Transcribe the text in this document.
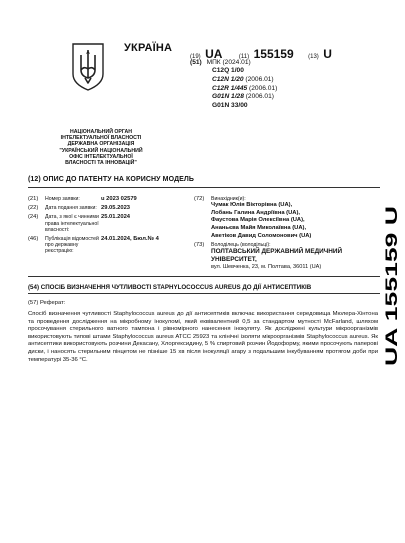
УКРАЇНА
(19) UA	(11) 155159 (13) U
(51) МПК (2024.01)
C12Q 1/00
C12N 1/20 (2006.01)
C12R 1/445 (2006.01)
G01N 1/28 (2006.01)
G01N 33/00
НАЦІОНАЛЬНИЙ ОРГАН
ІНТЕЛЕКТУАЛЬНОЇ ВЛАСНОСТІ
ДЕРЖАВНА ОРГАНІЗАЦІЯ
"УКРАЇНСЬКИЙ НАЦІОНАЛЬНИЙ
ОФІС ІНТЕЛЕКТУАЛЬНОЇ
ВЛАСНОСТІ ТА ІННОВАЦІЙ"
(12) ОПИС ДО ПАТЕНТУ НА КОРИСНУ МОДЕЛЬ
(21)	Номер заявки:	u 2023 02579
(22)	Дата подання заявки: 29.05.2023
(24)	Дата, з якої є чинними права інтелектуальної власності:
25.01.2024
(46)	Публікація відомостей про державну реєстрацію:
24.01.2024, Бюл.№ 4
(72)	Винахідник(и):
Чумак Юлія Вікторівна (UA),
Лобань Галина Андріївна (UA),
Фаустова Марія Олексіївна (UA),
Ананьєва Майя Миколаївна (UA),
Аветіков Давид Соломонович (UA)
(73)	Володілець (володільці):
ПОЛТАВСЬКИЙ ДЕРЖАВНИЙ МЕДИЧНИЙ
УНІВЕРСИТЕТ,
вул. Шевченка, 23, м. Полтава, 36011 (UA)
(54) СПОСІБ ВИЗНАЧЕННЯ ЧУТЛИВОСТІ STAPHYLOCOCCUS AUREUS ДО ДІЇ АНТИСЕПТИКІВ
(57) Реферат:
Спосіб визначення чутливості Staphylococcus aureus до дії антисептиків включає використання середовища Мюлера-Хінтона та проведення дослідження на мікробному інокуломі, який еквівалентний 0,5 за стандартом мутності McFarland, шляхом просочування стерильного ватного тампона і рівномірного нанесення інокуляту. Як досліджені культури мікроорганізмів використовують типові штами Staphylococcus aureus ATCC 25923 та клінічні ізоляти мікроорганізмів Staphylococcus aureus. Як антисептики використовують розчини Декасану, Хлоргексидину, 5 % спиртовий розчин Йодоформу, якими просочують паперові диски, і наносять стерильним пінцетом не пізніше 15 хв після інокуляції агару з подальшим інкубуванням протягом доби при температурі 35-36 °C.	UA 155159 U
